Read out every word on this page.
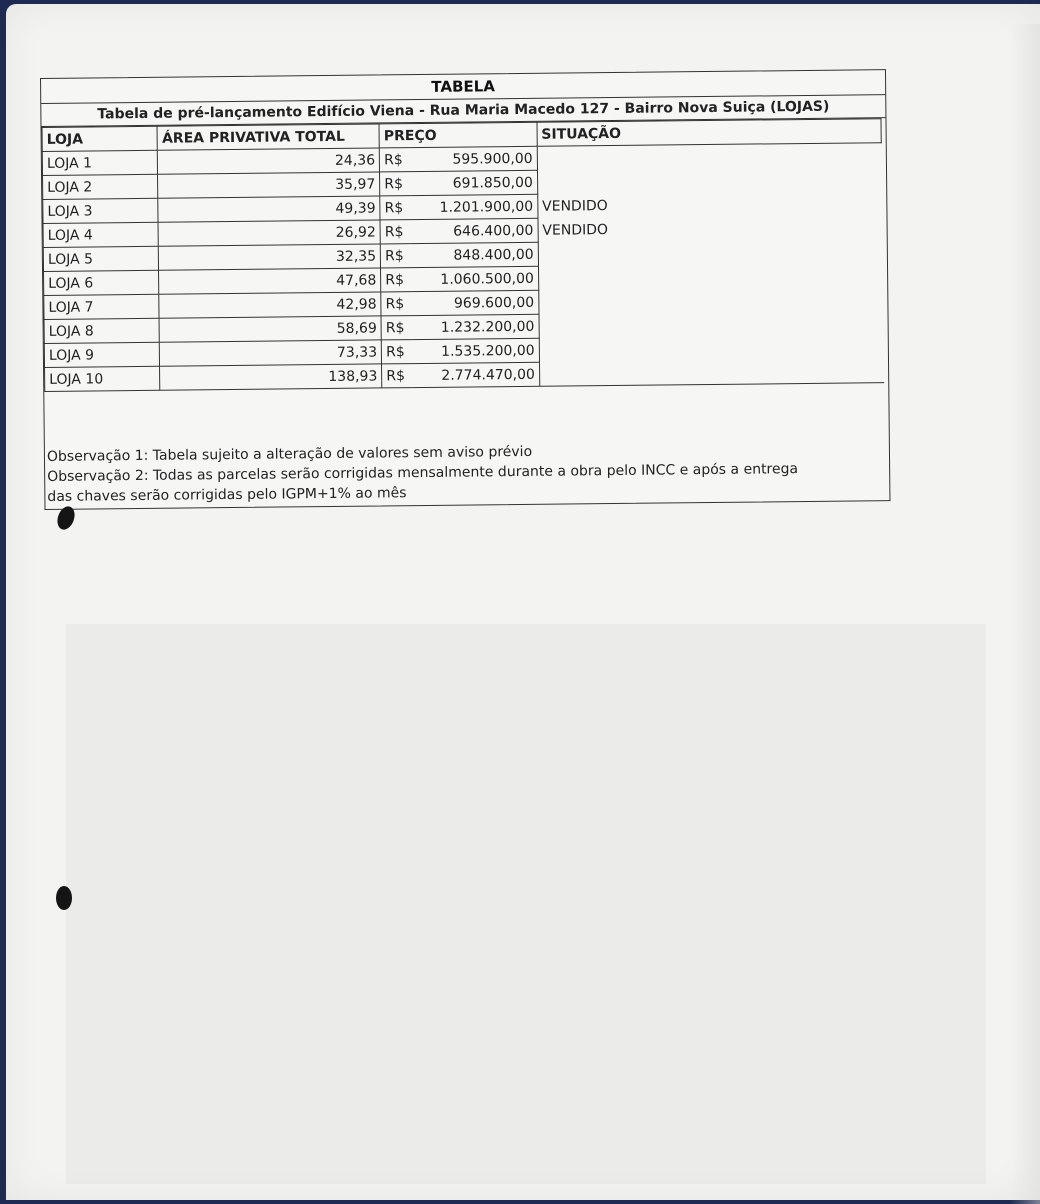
TABELA
Tabela de pré-lançamento Edifício Viena - Rua Maria Macedo 127 - Bairro Nova Suiça (LOJAS)
LOJA	ÁREA PRIVATIVA TOTAL	PREÇO		SITUAÇÃO
LOJA 1	24,36	R$	595.900,00	
LOJA 2	35,97	R$	691.850,00	
LOJA 3	49,39	R$	1.201.900,00	VENDIDO
LOJA 4	26,92	R$	646.400,00	VENDIDO
LOJA 5	32,35	R$	848.400,00	
LOJA 6	47,68	R$	1.060.500,00	
LOJA 7	42,98	R$	969.600,00	
LOJA 8	58,69	R$	1.232.200,00	
LOJA 9	73,33	R$	1.535.200,00	
LOJA 10	138,93	R$	2.774.470,00	

Observação 1: Tabela sujeito a alteração de valores sem aviso prévio

Observação 2: Todas as parcelas serão corrigidas mensalmente durante a obra pelo INCC e após a entrega

das chaves serão corrigidas pelo IGPM+1% ao mês
